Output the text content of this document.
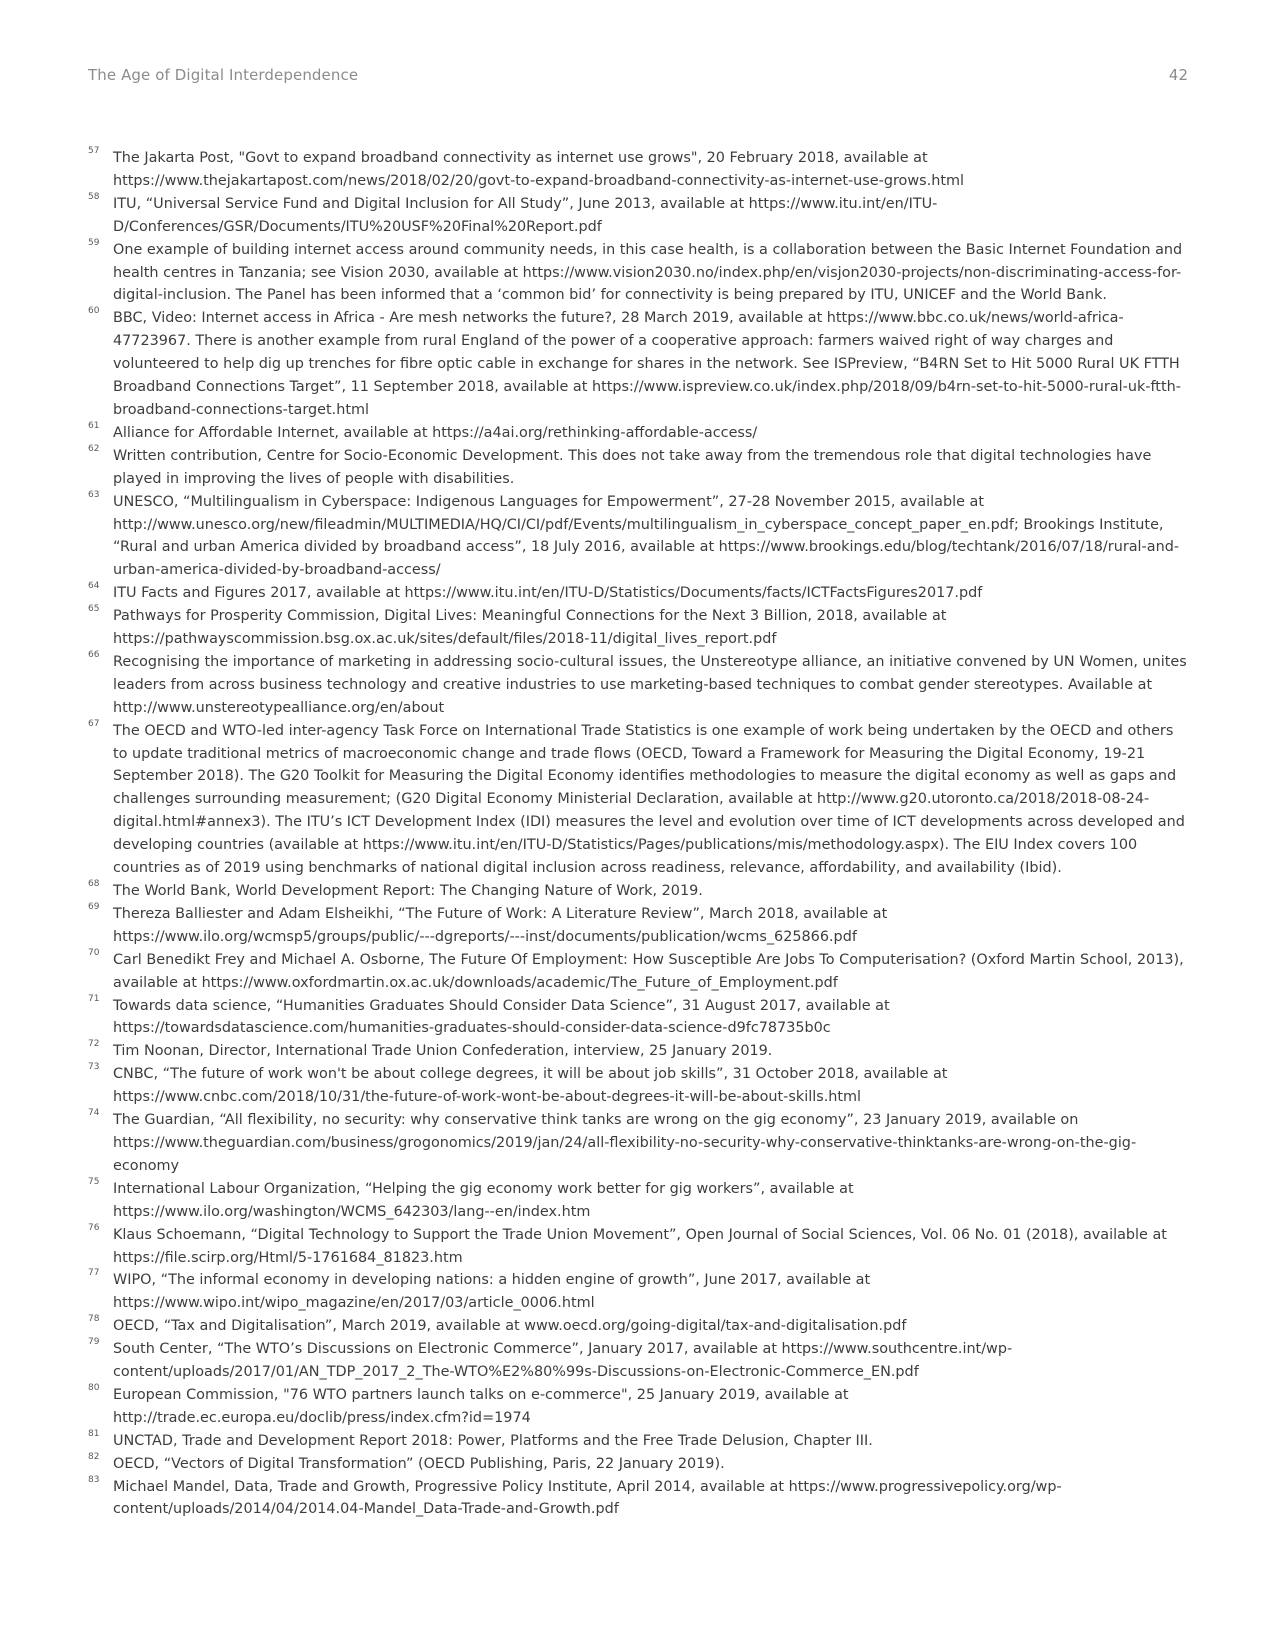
The Age of Digital Interdependence	42
57 The Jakarta Post, "Govt to expand broadband connectivity as internet use grows", 20 February 2018, available at https://www.thejakartapost.com/news/2018/02/20/govt-to-expand-broadband-connectivity-as-internet-use-grows.html
58 ITU, “Universal Service Fund and Digital Inclusion for All Study”, June 2013, available at https://www.itu.int/en/ITU-D/Conferences/GSR/Documents/ITU%20USF%20Final%20Report.pdf
59 One example of building internet access around community needs, in this case health, is a collaboration between the Basic Internet Foundation and health centres in Tanzania; see Vision 2030, available at https://www.vision2030.no/index.php/en/visjon2030-projects/non-discriminating-access-for-digital-inclusion. The Panel has been informed that a ‘common bid’ for connectivity is being prepared by ITU, UNICEF and the World Bank.
60 BBC, Video: Internet access in Africa - Are mesh networks the future?, 28 March 2019, available at https://www.bbc.co.uk/news/world-africa-47723967. There is another example from rural England of the power of a cooperative approach: farmers waived right of way charges and volunteered to help dig up trenches for fibre optic cable in exchange for shares in the network. See ISPreview, “B4RN Set to Hit 5000 Rural UK FTTH Broadband Connections Target”, 11 September 2018, available at https://www.ispreview.co.uk/index.php/2018/09/b4rn-set-to-hit-5000-rural-uk-ftth-broadband-connections-target.html
61 Alliance for Affordable Internet, available at https://a4ai.org/rethinking-affordable-access/
62 Written contribution, Centre for Socio-Economic Development. This does not take away from the tremendous role that digital technologies have played in improving the lives of people with disabilities.
63 UNESCO, “Multilingualism in Cyberspace: Indigenous Languages for Empowerment”, 27-28 November 2015, available at http://www.unesco.org/new/fileadmin/MULTIMEDIA/HQ/CI/CI/pdf/Events/multilingualism_in_cyberspace_concept_paper_en.pdf; Brookings Institute, “Rural and urban America divided by broadband access”, 18 July 2016, available at https://www.brookings.edu/blog/techtank/2016/07/18/rural-and-urban-america-divided-by-broadband-access/
64 ITU Facts and Figures 2017, available at https://www.itu.int/en/ITU-D/Statistics/Documents/facts/ICTFactsFigures2017.pdf
65 Pathways for Prosperity Commission, Digital Lives: Meaningful Connections for the Next 3 Billion, 2018, available at https://pathwayscommission.bsg.ox.ac.uk/sites/default/files/2018-11/digital_lives_report.pdf
66 Recognising the importance of marketing in addressing socio-cultural issues, the Unstereotype alliance, an initiative convened by UN Women, unites leaders from across business technology and creative industries to use marketing-based techniques to combat gender stereotypes. Available at http://www.unstereotypealliance.org/en/about
67 The OECD and WTO-led inter-agency Task Force on International Trade Statistics is one example of work being undertaken by the OECD and others to update traditional metrics of macroeconomic change and trade flows (OECD, Toward a Framework for Measuring the Digital Economy, 19-21 September 2018). The G20 Toolkit for Measuring the Digital Economy identifies methodologies to measure the digital economy as well as gaps and challenges surrounding measurement; (G20 Digital Economy Ministerial Declaration, available at http://www.g20.utoronto.ca/2018/2018-08-24-digital.html#annex3). The ITU’s ICT Development Index (IDI) measures the level and evolution over time of ICT developments across developed and developing countries (available at https://www.itu.int/en/ITU-D/Statistics/Pages/publications/mis/methodology.aspx). The EIU Index covers 100 countries as of 2019 using benchmarks of national digital inclusion across readiness, relevance, affordability, and availability (Ibid).
68 The World Bank, World Development Report: The Changing Nature of Work, 2019.
69 Thereza Balliester and Adam Elsheikhi, “The Future of Work: A Literature Review”, March 2018, available at https://www.ilo.org/wcmsp5/groups/public/---dgreports/---inst/documents/publication/wcms_625866.pdf
70 Carl Benedikt Frey and Michael A. Osborne, The Future Of Employment: How Susceptible Are Jobs To Computerisation? (Oxford Martin School, 2013), available at https://www.oxfordmartin.ox.ac.uk/downloads/academic/The_Future_of_Employment.pdf
71 Towards data science, “Humanities Graduates Should Consider Data Science”, 31 August 2017, available at https://towardsdatascience.com/humanities-graduates-should-consider-data-science-d9fc78735b0c
72 Tim Noonan, Director, International Trade Union Confederation, interview, 25 January 2019.
73 CNBC, “The future of work won't be about college degrees, it will be about job skills”, 31 October 2018, available at https://www.cnbc.com/2018/10/31/the-future-of-work-wont-be-about-degrees-it-will-be-about-skills.html
74 The Guardian, “All flexibility, no security: why conservative think tanks are wrong on the gig economy”, 23 January 2019, available on https://www.theguardian.com/business/grogonomics/2019/jan/24/all-flexibility-no-security-why-conservative-thinktanks-are-wrong-on-the-gig-economy
75 International Labour Organization, “Helping the gig economy work better for gig workers”, available at https://www.ilo.org/washington/WCMS_642303/lang--en/index.htm
76 Klaus Schoemann, “Digital Technology to Support the Trade Union Movement”, Open Journal of Social Sciences, Vol. 06 No. 01 (2018), available at https://file.scirp.org/Html/5-1761684_81823.htm
77 WIPO, “The informal economy in developing nations: a hidden engine of growth”, June 2017, available at https://www.wipo.int/wipo_magazine/en/2017/03/article_0006.html
78 OECD, “Tax and Digitalisation”, March 2019, available at www.oecd.org/going-digital/tax-and-digitalisation.pdf
79 South Center, “The WTO’s Discussions on Electronic Commerce”, January 2017, available at https://www.southcentre.int/wp-content/uploads/2017/01/AN_TDP_2017_2_The-WTO%E2%80%99s-Discussions-on-Electronic-Commerce_EN.pdf
80 European Commission, "76 WTO partners launch talks on e-commerce", 25 January 2019, available at http://trade.ec.europa.eu/doclib/press/index.cfm?id=1974
81 UNCTAD, Trade and Development Report 2018: Power, Platforms and the Free Trade Delusion, Chapter III.
82 OECD, “Vectors of Digital Transformation” (OECD Publishing, Paris, 22 January 2019).
83 Michael Mandel, Data, Trade and Growth, Progressive Policy Institute, April 2014, available at https://www.progressivepolicy.org/wp-content/uploads/2014/04/2014.04-Mandel_Data-Trade-and-Growth.pdf
